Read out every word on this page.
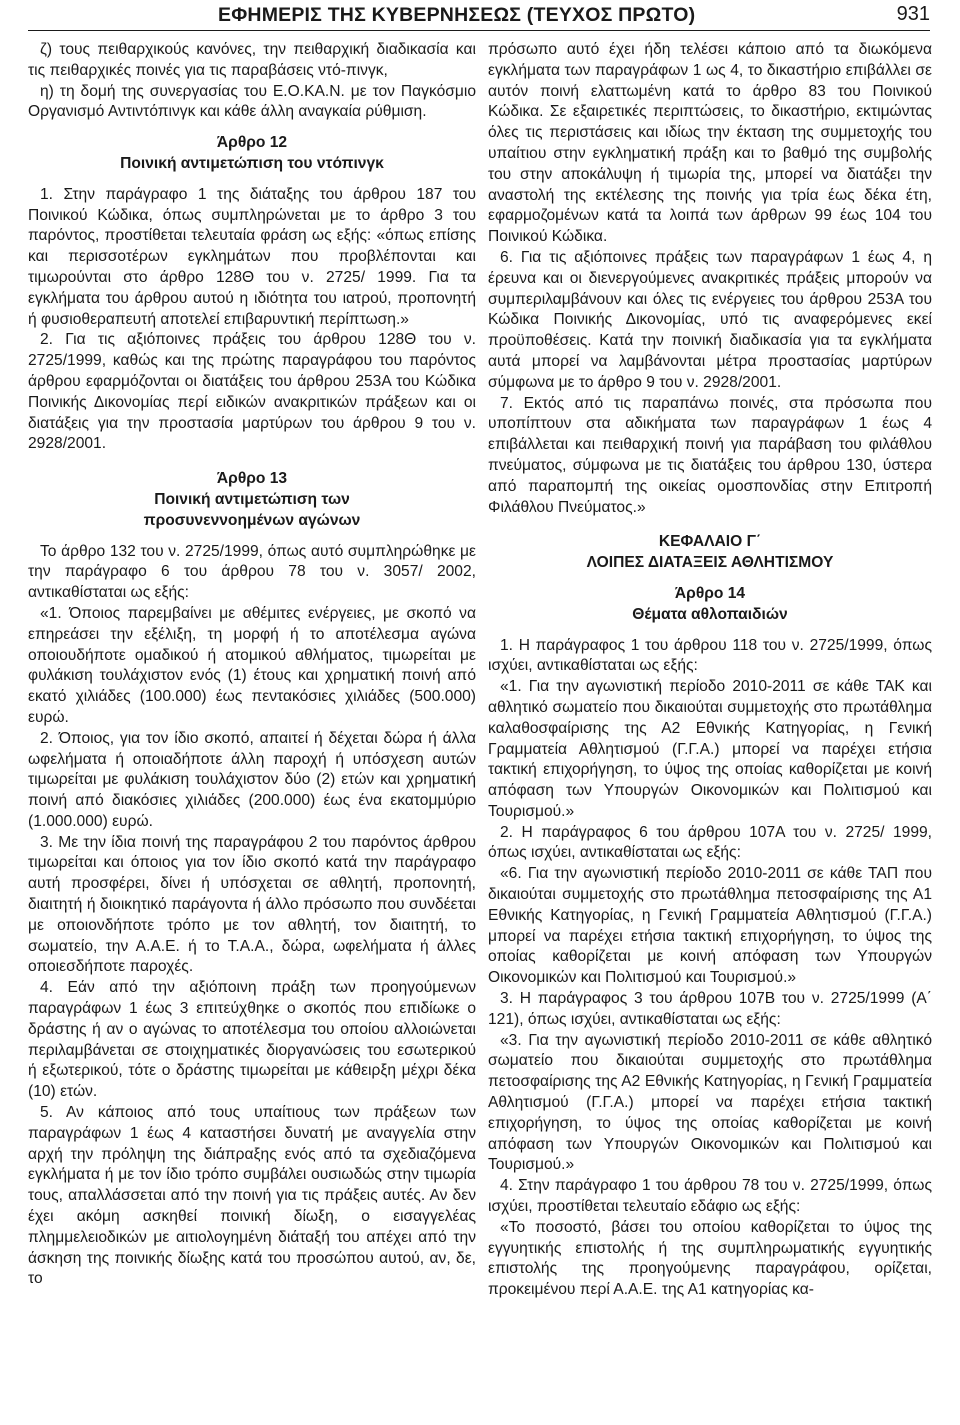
ΕΦΗΜΕΡΙΣ ΤΗΣ ΚΥΒΕΡΝΗΣΕΩΣ (ΤΕΥΧΟΣ ΠΡΩΤΟ)	931

ζ) τους πειθαρχικούς κανόνες, την πειθαρχική διαδικασία και τις πειθαρχικές ποινές για τις παραβάσεις ντό-πινγκ,

η) τη δομή της συνεργασίας του Ε.Ο.ΚΑ.Ν. με τον Παγκόσμιο Οργανισμό Αντιντόπινγκ και κάθε άλλη αναγκαία ρύθμιση.

Άρθρο 12

Ποινική αντιμετώπιση του ντόπινγκ

1. Στην παράγραφο 1 της διάταξης του άρθρου 187 του Ποινικού Κώδικα, όπως συμπληρώνεται με το άρθρο 3 του παρόντος, προστίθεται τελευταία φράση ως εξής: «όπως επίσης και περισσοτέρων εγκλημάτων που προβλέπονται και τιμωρούνται στο άρθρο 128Θ του ν. 2725/ 1999. Για τα εγκλήματα του άρθρου αυτού η ιδιότητα του ιατρού, προπονητή ή φυσιοθεραπευτή αποτελεί επιβαρυντική περίπτωση.»

2. Για τις αξιόποινες πράξεις του άρθρου 128Θ του ν. 2725/1999, καθώς και της πρώτης παραγράφου του παρόντος άρθρου εφαρμόζονται οι διατάξεις του άρθρου 253Α του Κώδικα Ποινικής Δικονομίας περί ειδικών ανακριτικών πράξεων και οι διατάξεις για την προστασία μαρτύρων του άρθρου 9 του ν. 2928/2001.

Άρθρο 13

Ποινική αντιμετώπιση των

προσυνεννοημένων αγώνων

Το άρθρο 132 του ν. 2725/1999, όπως αυτό συμπληρώθηκε με την παράγραφο 6 του άρθρου 78 του ν. 3057/ 2002, αντικαθίσταται ως εξής:

«1. Όποιος παρεμβαίνει με αθέμιτες ενέργειες, με σκοπό να επηρεάσει την εξέλιξη, τη μορφή ή το αποτέλεσμα αγώνα οποιουδήποτε ομαδικού ή ατομικού αθλήματος, τιμωρείται με φυλάκιση τουλάχιστον ενός (1) έτους και χρηματική ποινή από εκατό χιλιάδες (100.000) έως πεντακόσιες χιλιάδες (500.000) ευρώ.

2. Όποιος, για τον ίδιο σκοπό, απαιτεί ή δέχεται δώρα ή άλλα ωφελήματα ή οποιαδήποτε άλλη παροχή ή υπόσχεση αυτών τιμωρείται με φυλάκιση τουλάχιστον δύο (2) ετών και χρηματική ποινή από διακόσιες χιλιάδες (200.000) έως ένα εκατομμύριο (1.000.000) ευρώ.

3. Με την ίδια ποινή της παραγράφου 2 του παρόντος άρθρου τιμωρείται και όποιος για τον ίδιο σκοπό κατά την παράγραφο αυτή προσφέρει, δίνει ή υπόσχεται σε αθλητή, προπονητή, διαιτητή ή διοικητικό παράγοντα ή άλλο πρόσωπο που συνδέεται με οποιονδήποτε τρόπο με τον αθλητή, τον διαιτητή, το σωματείο, την Α.Α.Ε. ή το Τ.Α.Α., δώρα, ωφελήματα ή άλλες οποιεσδήποτε παροχές.

4. Εάν από την αξιόποινη πράξη των προηγούμενων παραγράφων 1 έως 3 επιτεύχθηκε ο σκοπός που επιδίωκε ο δράστης ή αν ο αγώνας το αποτέλεσμα του οποίου αλλοιώνεται περιλαμβάνεται σε στοιχηματικές διοργανώσεις του εσωτερικού ή εξωτερικού, τότε ο δράστης τιμωρείται με κάθειρξη μέχρι δέκα (10) ετών.

5. Αν κάποιος από τους υπαίτιους των πράξεων των παραγράφων 1 έως 4 καταστήσει δυνατή με αναγγελία στην αρχή την πρόληψη της διάπραξης ενός από τα σχεδιαζόμενα εγκλήματα ή με τον ίδιο τρόπο συμβάλει ουσιωδώς στην τιμωρία τους, απαλλάσσεται από την ποινή για τις πράξεις αυτές. Αν δεν έχει ακόμη ασκηθεί ποινική δίωξη, ο εισαγγελέας πλημμελειοδικών με αιτιολογημένη διάταξή του απέχει από την άσκηση της ποινικής δίωξης κατά του προσώπου αυτού, αν, δε, το

πρόσωπο αυτό έχει ήδη τελέσει κάποιο από τα διωκόμενα εγκλήματα των παραγράφων 1 ως 4, το δικαστήριο επιβάλλει σε αυτόν ποινή ελαττωμένη κατά το άρθρο 83 του Ποινικού Κώδικα. Σε εξαιρετικές περιπτώσεις, το δικαστήριο, εκτιμώντας όλες τις περιστάσεις και ιδίως την έκταση της συμμετοχής του υπαίτιου στην εγκληματική πράξη και το βαθμό της συμβολής του στην αποκάλυψη ή τιμωρία της, μπορεί να διατάξει την αναστολή της εκτέλεσης της ποινής για τρία έως δέκα έτη, εφαρμοζομένων κατά τα λοιπά των άρθρων 99 έως 104 του Ποινικού Κώδικα.

6. Για τις αξιόποινες πράξεις των παραγράφων 1 έως 4, η έρευνα και οι διενεργούμενες ανακριτικές πράξεις μπορούν να συμπεριλαμβάνουν και όλες τις ενέργειες του άρθρου 253Α του Κώδικα Ποινικής Δικονομίας, υπό τις αναφερόμενες εκεί προϋποθέσεις. Κατά την ποινική διαδικασία για τα εγκλήματα αυτά μπορεί να λαμβάνονται μέτρα προστασίας μαρτύρων σύμφωνα με το άρθρο 9 του ν. 2928/2001.

7. Εκτός από τις παραπάνω ποινές, στα πρόσωπα που υποπίπτουν στα αδικήματα των παραγράφων 1 έως 4 επιβάλλεται και πειθαρχική ποινή για παράβαση του φιλάθλου πνεύματος, σύμφωνα με τις διατάξεις του άρθρου 130, ύστερα από παραπομπή της οικείας ομοσπονδίας στην Επιτροπή Φιλάθλου Πνεύματος.»

ΚΕΦΑΛΑΙΟ Γ΄

ΛΟΙΠΕΣ ΔΙΑΤΑΞΕΙΣ ΑΘΛΗΤΙΣΜΟΥ

Άρθρο 14

Θέματα αθλοπαιδιών

1. Η παράγραφος 1 του άρθρου 118 του ν. 2725/1999, όπως ισχύει, αντικαθίσταται ως εξής:

«1. Για την αγωνιστική περίοδο 2010-2011 σε κάθε ΤΑΚ και αθλητικό σωματείο που δικαιούται συμμετοχής στο πρωτάθλημα καλαθοσφαίρισης της Α2 Εθνικής Κατηγορίας, η Γενική Γραμματεία Αθλητισμού (Γ.Γ.Α.) μπορεί να παρέχει ετήσια τακτική επιχορήγηση, το ύψος της οποίας καθορίζεται με κοινή απόφαση των Υπουργών Οικονομικών και Πολιτισμού και Τουρισμού.»

2. Η παράγραφος 6 του άρθρου 107Α του ν. 2725/ 1999, όπως ισχύει, αντικαθίσταται ως εξής:

«6. Για την αγωνιστική περίοδο 2010-2011 σε κάθε ΤΑΠ που δικαιούται συμμετοχής στο πρωτάθλημα πετοσφαίρισης της Α1 Εθνικής Κατηγορίας, η Γενική Γραμματεία Αθλητισμού (Γ.Γ.Α.) μπορεί να παρέχει ετήσια τακτική επιχορήγηση, το ύψος της οποίας καθορίζεται με κοινή απόφαση των Υπουργών Οικονομικών και Πολιτισμού και Τουρισμού.»

3. Η παράγραφος 3 του άρθρου 107Β του ν. 2725/1999 (Α΄ 121), όπως ισχύει, αντικαθίσταται ως εξής:

«3. Για την αγωνιστική περίοδο 2010-2011 σε κάθε αθλητικό σωματείο που δικαιούται συμμετοχής στο πρωτάθλημα πετοσφαίρισης της Α2 Εθνικής Κατηγορίας, η Γενική Γραμματεία Αθλητισμού (Γ.Γ.Α.) μπορεί να παρέχει ετήσια τακτική επιχορήγηση, το ύψος της οποίας καθορίζεται με κοινή απόφαση των Υπουργών Οικονομικών και Πολιτισμού και Τουρισμού.»

4. Στην παράγραφο 1 του άρθρου 78 του ν. 2725/1999, όπως ισχύει, προστίθεται τελευταίο εδάφιο ως εξής:

«Το ποσοστό, βάσει του οποίου καθορίζεται το ύψος της εγγυητικής επιστολής ή της συμπληρωματικής εγγυητικής επιστολής της προηγούμενης παραγράφου, ορίζεται, προκειμένου περί Α.Α.Ε. της Α1 κατηγορίας κα-
